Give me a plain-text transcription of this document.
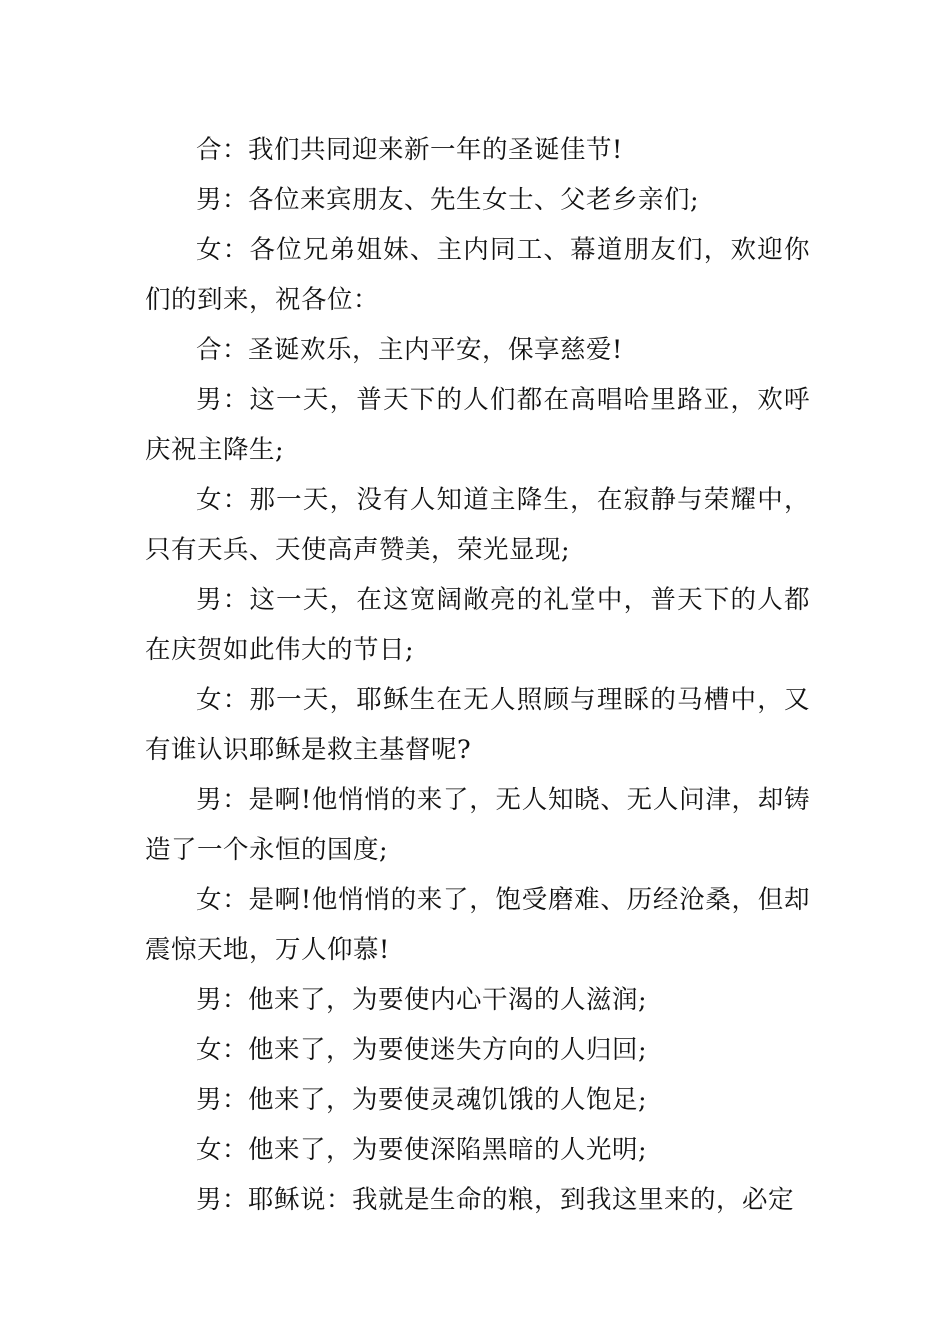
合：我们共同迎来新一年的圣诞佳节!

男：各位来宾朋友、先生女士、父老乡亲们;

女：各位兄弟姐妹、主内同工、幕道朋友们，欢迎你们的到来，祝各位：

合：圣诞欢乐，主内平安，保享慈爱!

男：这一天，普天下的人们都在高唱哈里路亚，欢呼庆祝主降生;

女：那一天，没有人知道主降生，在寂静与荣耀中，只有天兵、天使高声赞美，荣光显现;

男：这一天，在这宽阔敞亮的礼堂中，普天下的人都在庆贺如此伟大的节日;

女：那一天，耶稣生在无人照顾与理睬的马槽中，又有谁认识耶稣是救主基督呢?

男：是啊!他悄悄的来了，无人知晓、无人问津，却铸造了一个永恒的国度;

女：是啊!他悄悄的来了，饱受磨难、历经沧桑，但却震惊天地，万人仰慕!

男：他来了，为要使内心干渴的人滋润;

女：他来了，为要使迷失方向的人归回;

男：他来了，为要使灵魂饥饿的人饱足;

女：他来了，为要使深陷黑暗的人光明;

男：耶稣说：我就是生命的粮，到我这里来的，必定
